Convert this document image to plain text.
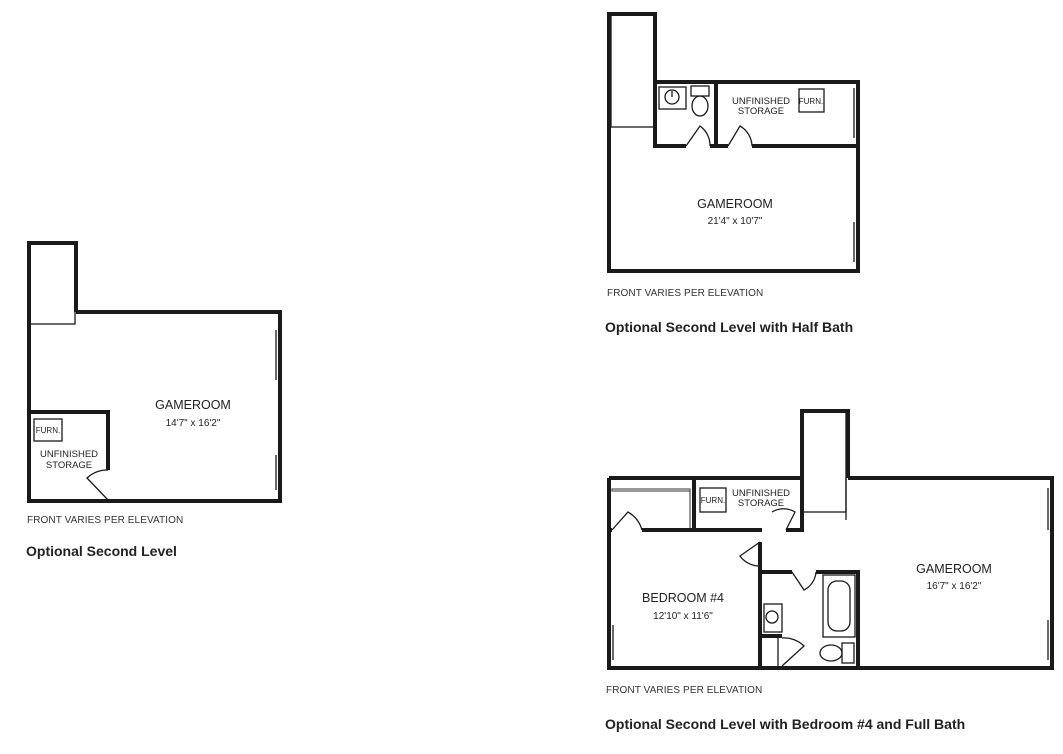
GAMEROOM
14'7" x 16'2"
FURN.
UNFINISHED
STORAGE
FURN.
UNFINISHED
STORAGE
GAMEROOM
21'4" x 10'7"
FURN.
UNFINISHED
STORAGE
BEDROOM #4
12'10" x 11'6"
GAMEROOM
16'7" x 16'2"
FRONT VARIES PER ELEVATION
Optional Second Level
FRONT VARIES PER ELEVATION
Optional Second Level with Half Bath
FRONT VARIES PER ELEVATION
Optional Second Level with Bedroom #4 and Full Bath
